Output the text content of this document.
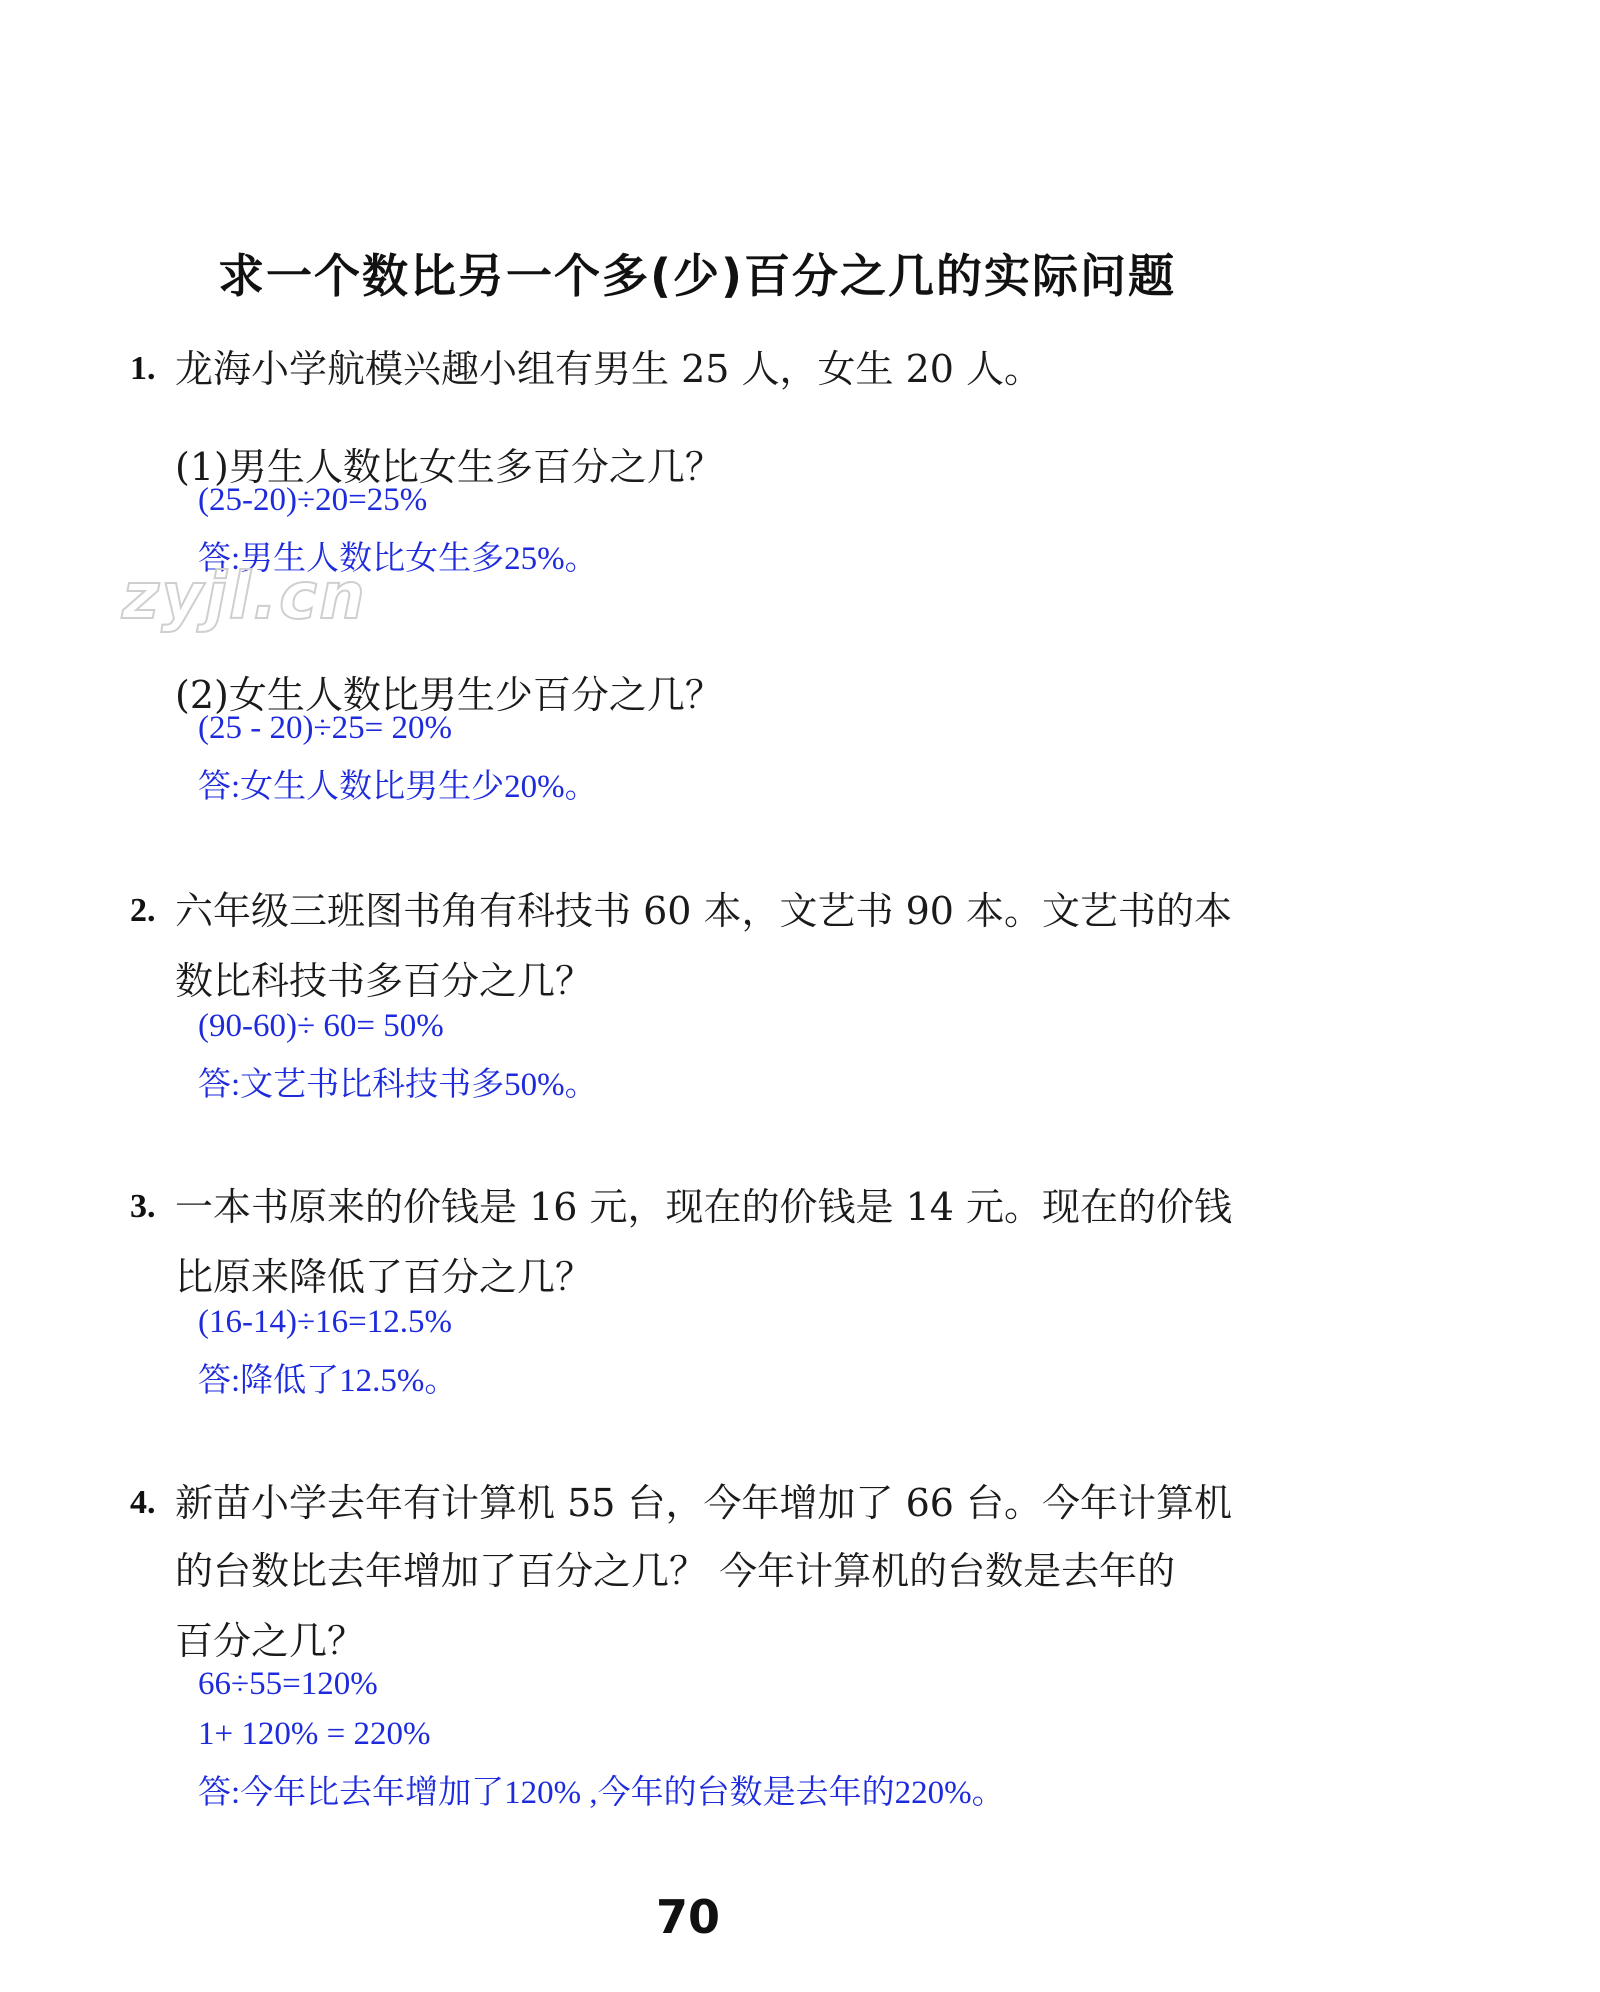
求一个数比另一个多(少)百分之几的实际问题
1. 龙海小学航模兴趣小组有男生 25 人，女生 20 人。
(1)男生人数比女生多百分之几？
(25-20)÷20=25%
答:男生人数比女生多25%。
zyjl.cn
(2)女生人数比男生少百分之几？
(25 - 20)÷25= 20%
答:女生人数比男生少20%。
2. 六年级三班图书角有科技书 60 本，文艺书 90 本。文艺书的本
数比科技书多百分之几？
(90-60)÷ 60= 50%
答:文艺书比科技书多50%。
3. 一本书原来的价钱是 16 元，现在的价钱是 14 元。现在的价钱
比原来降低了百分之几？
(16-14)÷16=12.5%
答:降低了12.5%。
4. 新苗小学去年有计算机 55 台，今年增加了 66 台。今年计算机
的台数比去年增加了百分之几？ 今年计算机的台数是去年的
百分之几？
66÷55=120%
1+ 120% = 220%
答:今年比去年增加了120% ,今年的台数是去年的220%。
70
